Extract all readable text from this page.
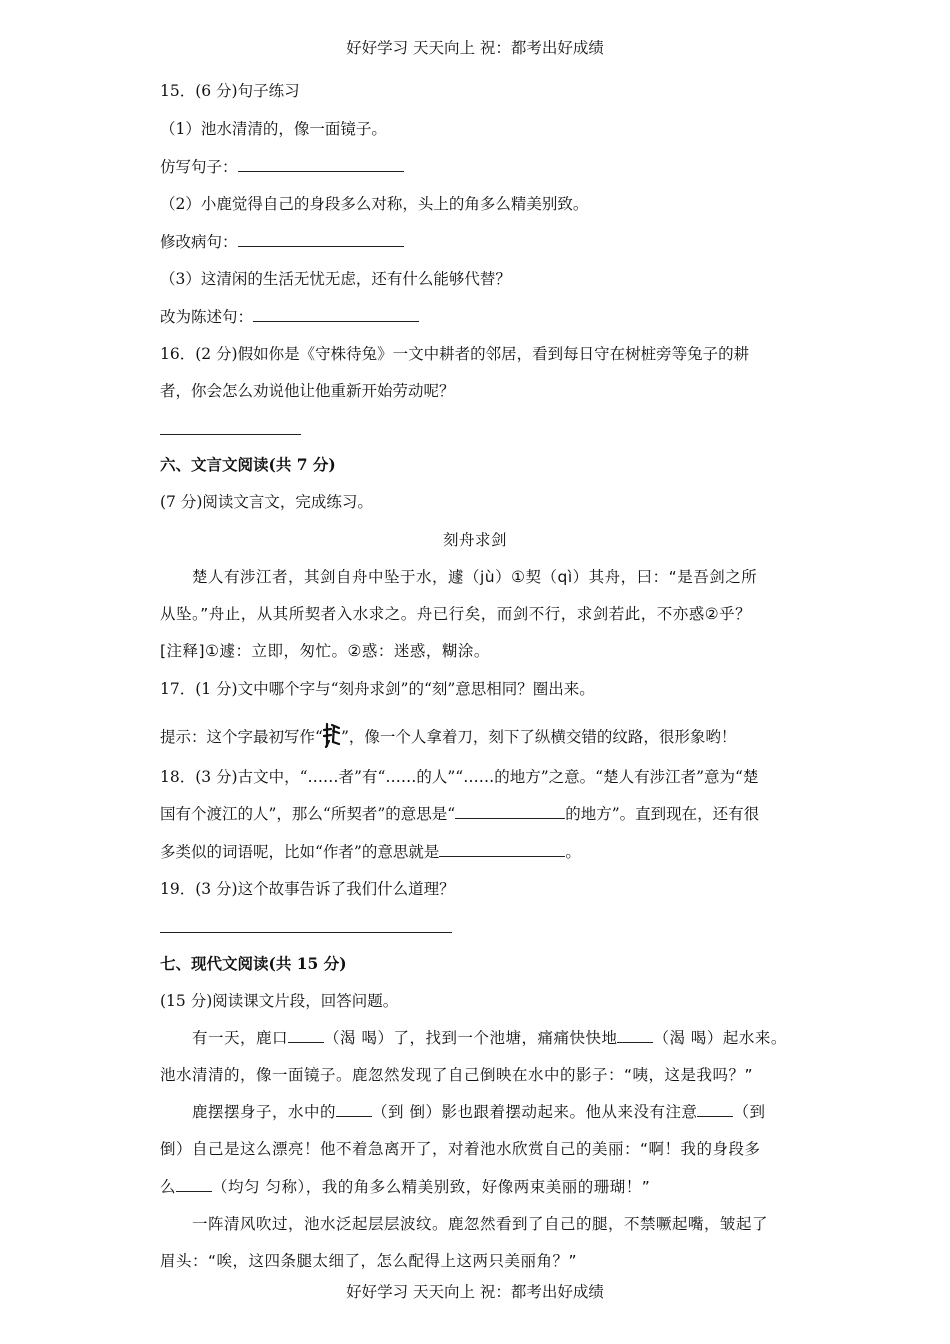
好好学习 天天向上 祝：都考出好成绩
15．(6 分)句子练习
（1）池水清清的，像一面镜子。
仿写句子：
（2）小鹿觉得自己的身段多么对称，头上的角多么精美别致。
修改病句：
（3）这清闲的生活无忧无虑，还有什么能够代替？
改为陈述句：
16．(2 分)假如你是《守株待兔》一文中耕者的邻居，看到每日守在树桩旁等兔子的耕
者，你会怎么劝说他让他重新开始劳动呢？
六、文言文阅读(共 7 分)
(7 分)阅读文言文，完成练习。
刻舟求剑
楚人有涉江者，其剑自舟中坠于水，遽（jù）①契（qì）其舟，曰：“是吾剑之所
从坠。”舟止，从其所契者入水求之。舟已行矣，而剑不行，求剑若此，不亦惑②乎？
[注释]①遽：立即，匆忙。②惑：迷惑，糊涂。
17．(1 分)文中哪个字与“刻舟求剑”的“刻”意思相同？圈出来。
提示：这个字最初写作“ ”，像一个人拿着刀，刻下了纵横交错的纹路，很形象哟！
18．(3 分)古文中，“……者”有“……的人”“……的地方”之意。“楚人有涉江者”意为“楚
国有个渡江的人”，那么“所契者”的意思是“	的地方”。直到现在，还有很
多类似的词语呢，比如“作者”的意思就是	。
19．(3 分)这个故事告诉了我们什么道理？
七、现代文阅读(共 15 分)
(15 分)阅读课文片段，回答问题。
有一天，鹿口 （渴 喝）了，找到一个池塘，痛痛快快地 （渴 喝）起水来。
池水清清的，像一面镜子。鹿忽然发现了自己倒映在水中的影子：“咦，这是我吗？”
鹿摆摆身子，水中的 （到 倒）影也跟着摆动起来。他从来没有注意 （到
倒）自己是这么漂亮！他不着急离开了，对着池水欣赏自己的美丽：“啊！我的身段多
么 （均匀 匀称），我的角多么精美别致，好像两束美丽的珊瑚！”
一阵清风吹过，池水泛起层层波纹。鹿忽然看到了自己的腿，不禁噘起嘴，皱起了
眉头：“唉，这四条腿太细了，怎么配得上这两只美丽角？”
好好学习 天天向上 祝：都考出好成绩
